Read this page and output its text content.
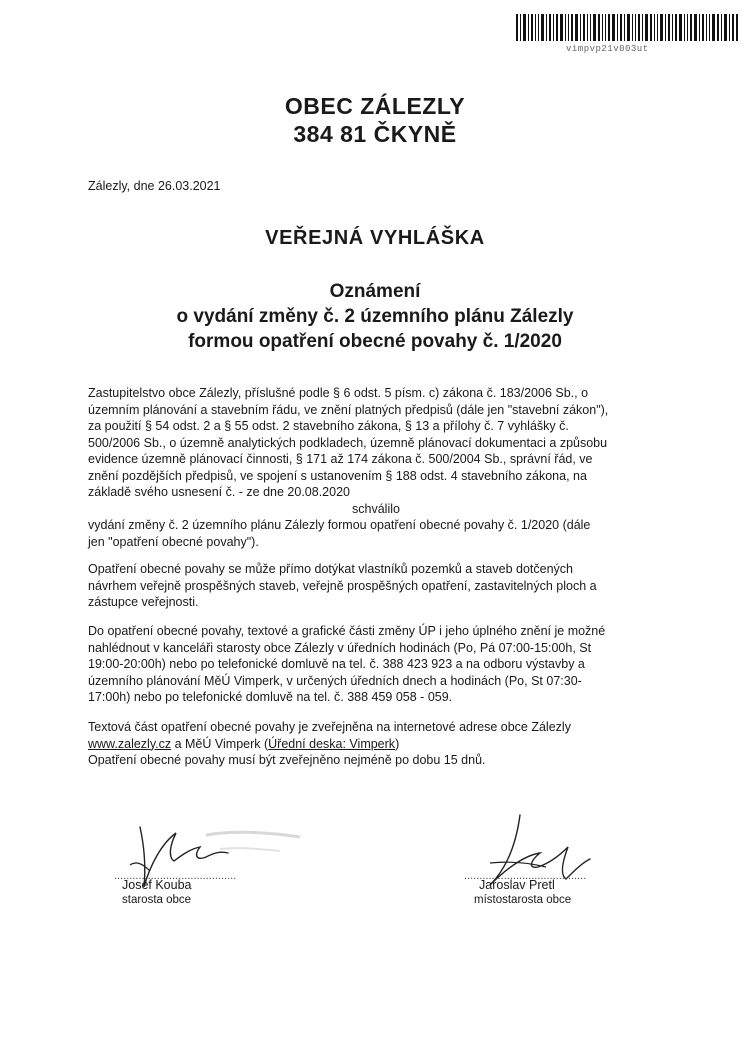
vimpvp21v003ut
OBEC ZÁLEZLY
384 81 ČKYNĚ
Zálezly, dne 26.03.2021
VEŘEJNÁ VYHLÁŠKA
Oznámení
o vydání změny č. 2 územního plánu Zálezly
formou opatření obecné povahy č. 1/2020
Zastupitelstvo obce Zálezly, příslušné podle § 6 odst. 5 písm. c) zákona č. 183/2006 Sb., o
územním plánování a stavebním řádu, ve znění platných předpisů (dále jen "stavební zákon"),
za použití § 54 odst. 2 a § 55 odst. 2 stavebního zákona, § 13 a přílohy č. 7 vyhlášky č.
500/2006 Sb., o územně analytických podkladech, územně plánovací dokumentaci a způsobu
evidence územně plánovací činnosti, § 171 až 174 zákona č. 500/2004 Sb., správní řád, ve
znění pozdějších předpisů, ve spojení s ustanovením § 188 odst. 4 stavebního zákona, na
základě svého usnesení č. - ze dne 20.08.2020
schválilo
vydání změny č. 2 územního plánu Zálezly formou opatření obecné povahy č. 1/2020 (dále
jen "opatření obecné povahy").
Opatření obecné povahy se může přímo dotýkat vlastníků pozemků a staveb dotčených
návrhem veřejně prospěšných staveb, veřejně prospěšných opatření, zastavitelných ploch a
zástupce veřejnosti.
Do opatření obecné povahy, textové a grafické části změny ÚP i jeho úplného znění je možné
nahlédnout v kanceláři starosty obce Zálezly v úředních hodinách (Po, Pá 07:00-15:00h, St
19:00-20:00h) nebo po telefonické domluvě na tel. č. 388 423 923 a na odboru výstavby a
územního plánování MěÚ Vimperk, v určených úředních dnech a hodinách (Po, St 07:30-
17:00h) nebo po telefonické domluvě na tel. č. 388 459 058 - 059.
Textová část opatření obecné povahy je zveřejněna na internetové adrese obce Zálezly
www.zalezly.cz a MěÚ Vimperk (Úřední deska: Vimperk)
Opatření obecné povahy musí být zveřejněno nejméně po dobu 15 dnů.
........................................	........................................
Josef Kouba
starosta obce
Jaroslav Pretl
místostarosta obce
